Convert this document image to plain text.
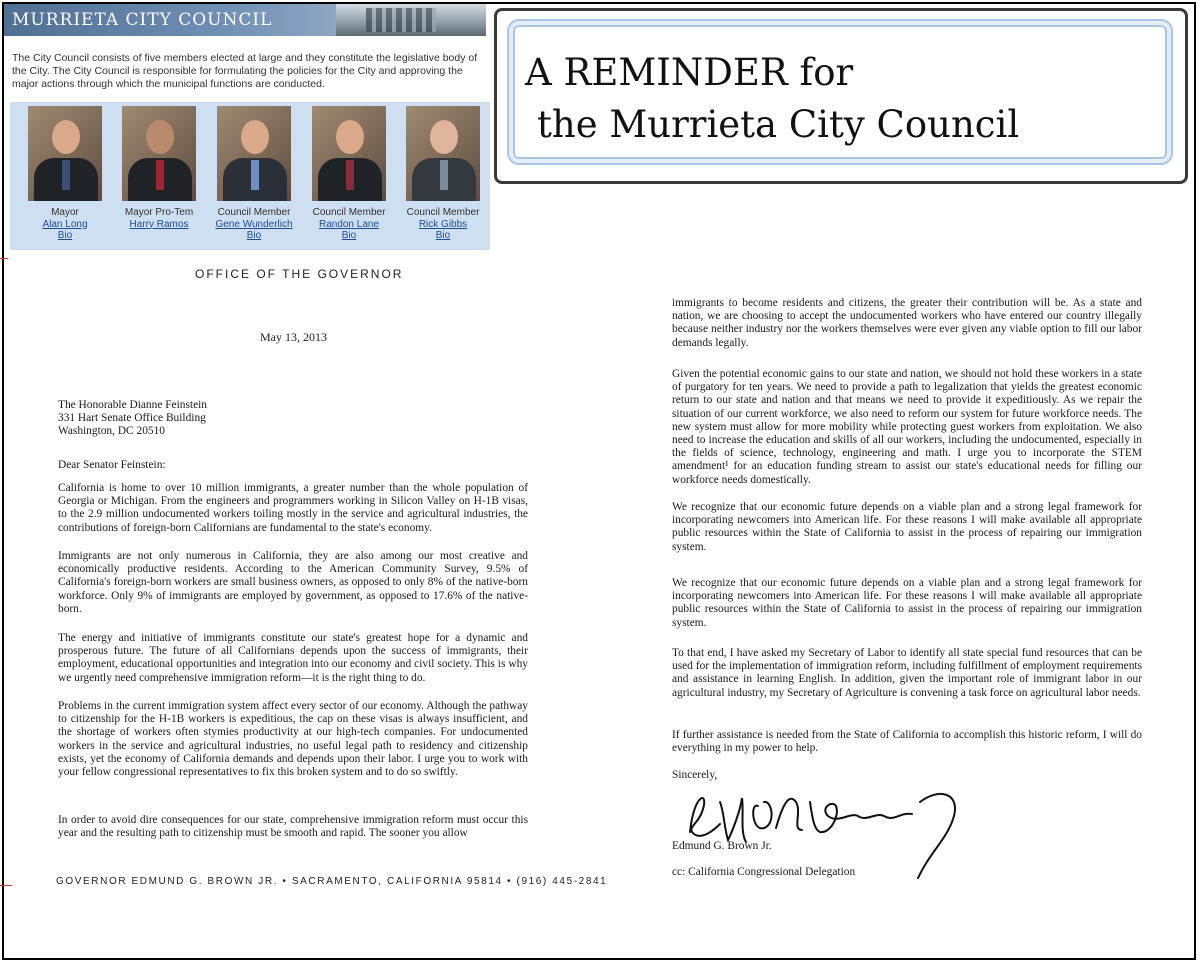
MURRIETA CITY COUNCIL
The City Council consists of five members elected at large and they constitute the legislative body of the City. The City Council is responsible for formulating the policies for the City and approving the major actions through which the municipal functions are conducted.
Mayor
Alan Long
Bio
Mayor Pro-Tem
Harry Ramos
Council Member
Gene Wunderlich
Bio
Council Member
Randon Lane
Bio
Council Member
Rick Gibbs
Bio
A REMINDER for
the Murrieta City Council
OFFICE OF THE GOVERNOR
May 13, 2013
The Honorable Dianne Feinstein
331 Hart Senate Office Building
Washington, DC 20510
Dear Senator Feinstein:
California is home to over 10 million immigrants, a greater number than the whole population of Georgia or Michigan. From the engineers and programmers working in Silicon Valley on H-1B visas, to the 2.9 million undocumented workers toiling mostly in the service and agricultural industries, the contributions of foreign-born Californians are fundamental to the state's economy.
Immigrants are not only numerous in California, they are also among our most creative and economically productive residents. According to the American Community Survey, 9.5% of California's foreign-born workers are small business owners, as opposed to only 8% of the native-born workforce. Only 9% of immigrants are employed by government, as opposed to 17.6% of the native-born.
The energy and initiative of immigrants constitute our state's greatest hope for a dynamic and prosperous future. The future of all Californians depends upon the success of immigrants, their employment, educational opportunities and integration into our economy and civil society. This is why we urgently need comprehensive immigration reform—it is the right thing to do.
Problems in the current immigration system affect every sector of our economy. Although the pathway to citizenship for the H-1B workers is expeditious, the cap on these visas is always insufficient, and the shortage of workers often stymies productivity at our high-tech companies. For undocumented workers in the service and agricultural industries, no useful legal path to residency and citizenship exists, yet the economy of California demands and depends upon their labor. I urge you to work with your fellow congressional representatives to fix this broken system and to do so swiftly.
In order to avoid dire consequences for our state, comprehensive immigration reform must occur this year and the resulting path to citizenship must be smooth and rapid. The sooner you allow
GOVERNOR EDMUND G. BROWN JR. • SACRAMENTO, CALIFORNIA 95814 • (916) 445-2841
immigrants to become residents and citizens, the greater their contribution will be. As a state and nation, we are choosing to accept the undocumented workers who have entered our country illegally because neither industry nor the workers themselves were ever given any viable option to fill our labor demands legally.
Given the potential economic gains to our state and nation, we should not hold these workers in a state of purgatory for ten years. We need to provide a path to legalization that yields the greatest economic return to our state and nation and that means we need to provide it expeditiously. As we repair the situation of our current workforce, we also need to reform our system for future workforce needs. The new system must allow for more mobility while protecting guest workers from exploitation. We also need to increase the education and skills of all our workers, including the undocumented, especially in the fields of science, technology, engineering and math. I urge you to incorporate the STEM amendment¹ for an education funding stream to assist our state's educational needs for filling our workforce needs domestically.
We recognize that our economic future depends on a viable plan and a strong legal framework for incorporating newcomers into American life. For these reasons I will make available all appropriate public resources within the State of California to assist in the process of repairing our immigration system.
We recognize that our economic future depends on a viable plan and a strong legal framework for incorporating newcomers into American life. For these reasons I will make available all appropriate public resources within the State of California to assist in the process of repairing our immigration system.
To that end, I have asked my Secretary of Labor to identify all state special fund resources that can be used for the implementation of immigration reform, including fulfillment of employment requirements and assistance in learning English. In addition, given the important role of immigrant labor in our agricultural industry, my Secretary of Agriculture is convening a task force on agricultural labor needs.
If further assistance is needed from the State of California to accomplish this historic reform, I will do everything in my power to help.
Sincerely,
Edmund G. Brown Jr.
cc: California Congressional Delegation
